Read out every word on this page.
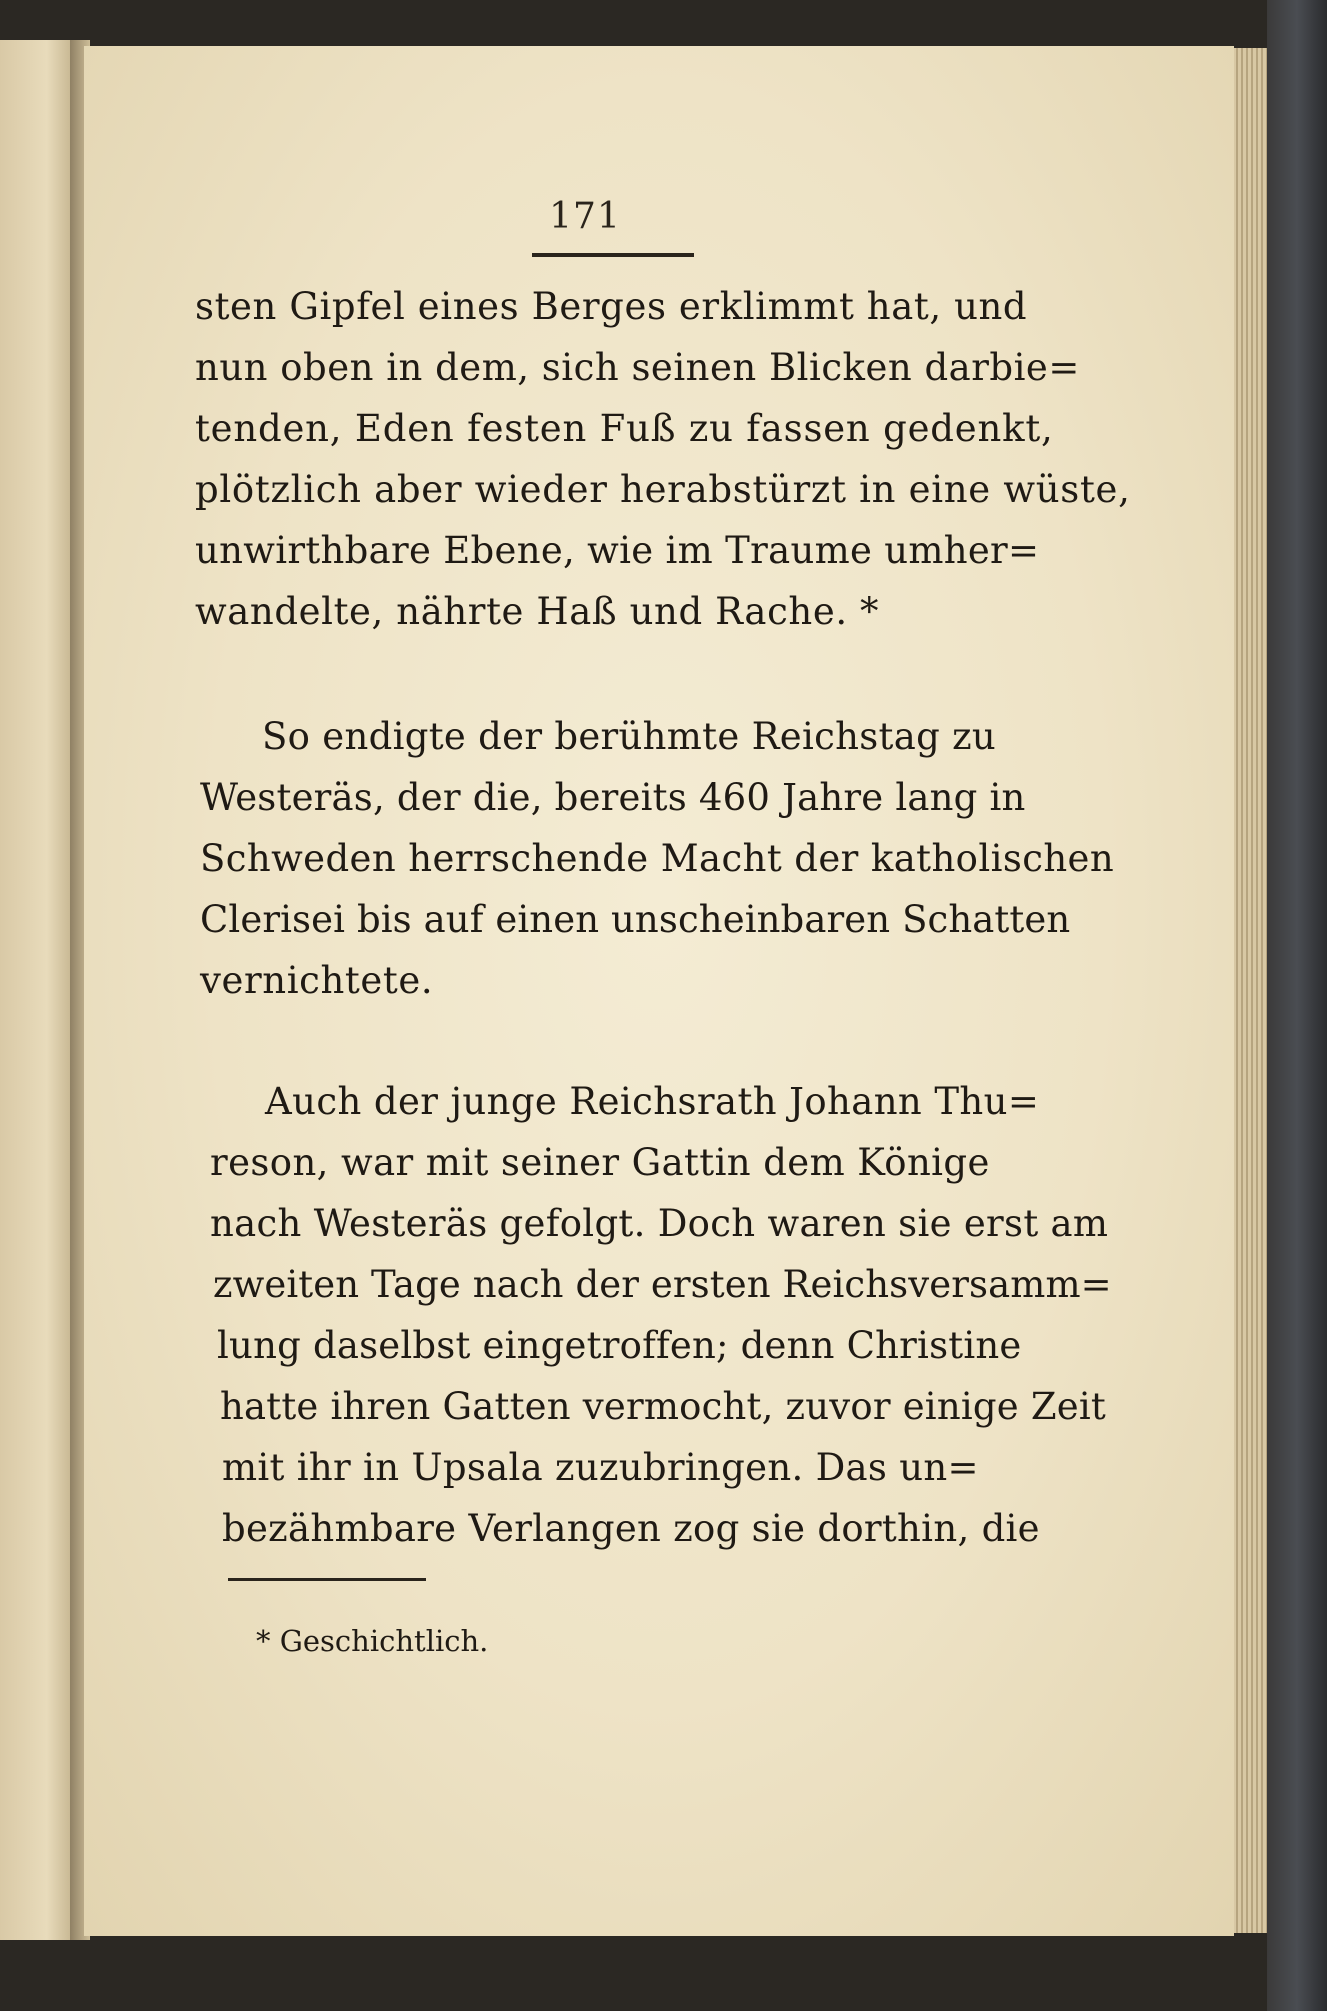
171
sten Gipfel eines Berges erklimmt hat, und
nun oben in dem, sich seinen Blicken darbie=
tenden, Eden festen Fuß zu fassen gedenkt,
plötzlich aber wieder herabstürzt in eine wüste,
unwirthbare Ebene, wie im Traume umher=
wandelte, nährte Haß und Rache. *
So endigte der berühmte Reichstag zu
Westeräs, der die, bereits 460 Jahre lang in
Schweden herrschende Macht der katholischen
Clerisei bis auf einen unscheinbaren Schatten
vernichtete.
Auch der junge Reichsrath Johann Thu=
reson, war mit seiner Gattin dem Könige
nach Westeräs gefolgt. Doch waren sie erst am
zweiten Tage nach der ersten Reichsversamm=
lung daselbst eingetroffen; denn Christine
hatte ihren Gatten vermocht, zuvor einige Zeit
mit ihr in Upsala zuzubringen. Das un=
bezähmbare Verlangen zog sie dorthin, die
* Geschichtlich.
